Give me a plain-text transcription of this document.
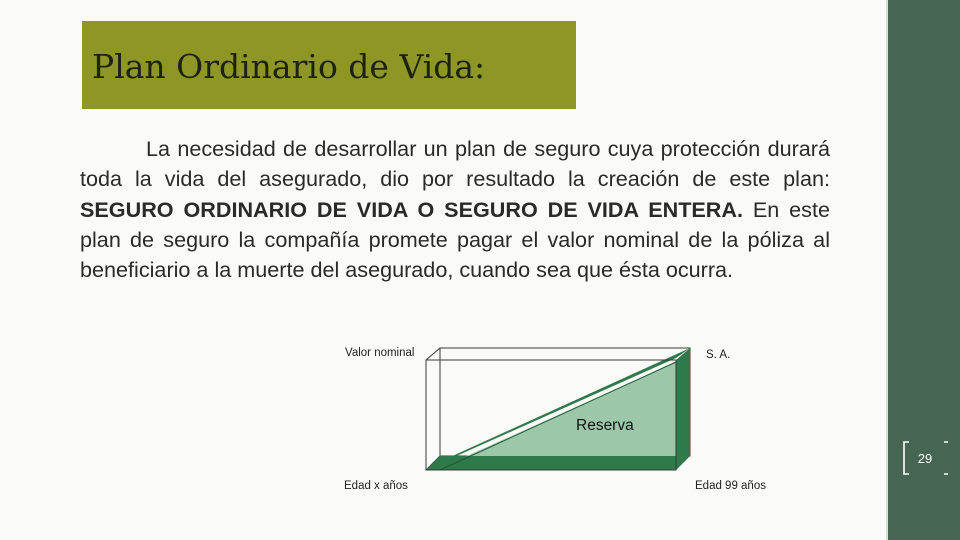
Plan Ordinario de Vida:

La necesidad de desarrollar un plan de seguro cuya protección durará toda la vida del asegurado, dio por resultado la creación de este plan: SEGURO ORDINARIO DE VIDA O SEGURO DE VIDA ENTERA. En este plan de seguro la compañía promete pagar el valor nominal de la póliza al beneficiario a la muerte del asegurado, cuando sea que ésta ocurra.

Valor nominal	S. A.
Reserva
Edad x años	Edad 99 años
29
